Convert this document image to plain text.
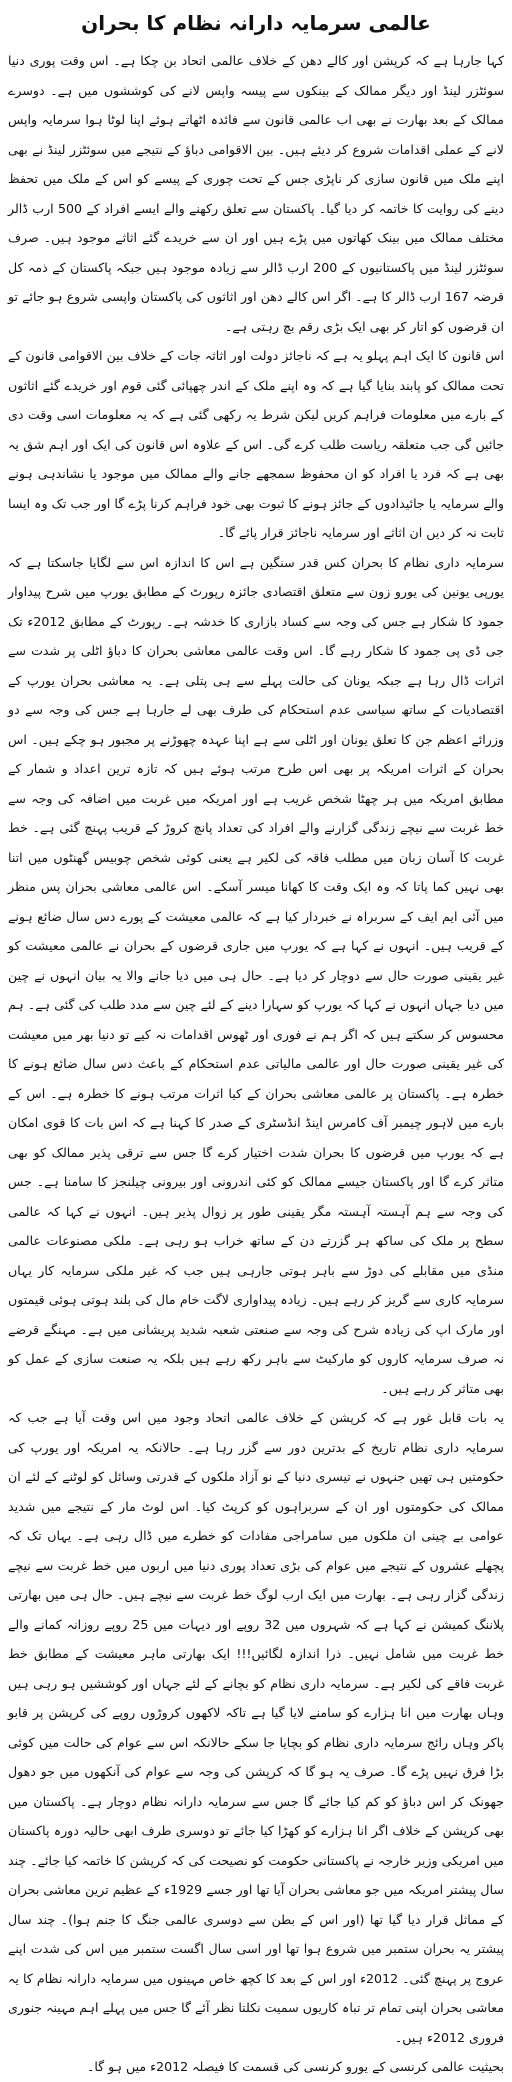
عالمی سرمایہ دارانہ نظام کا بحران

کہا جارہا ہے کہ کرپشن اور کالے دھن کے خلاف عالمی اتحاد بن چکا ہے۔ اس وقت پوری دنیا سوئٹزر لینڈ اور دیگر ممالک کے بینکوں سے پیسہ واپس لانے کی کوششوں میں ہے۔ دوسرے ممالک کے بعد بھارت نے بھی اب عالمی قانون سے فائدہ اٹھاتے ہوئے اپنا لوٹا ہوا سرمایہ واپس لانے کے عملی اقدامات شروع کر دیئے ہیں۔ بین الاقوامی دباؤ کے نتیجے میں سوئٹزر لینڈ نے بھی اپنے ملک میں قانون سازی کر ناپڑی جس کے تحت چوری کے پیسے کو اس کے ملک میں تحفظ دینے کی روایت کا خاتمہ کر دیا گیا۔ پاکستان سے تعلق رکھنے والے ایسے افراد کے 500 ارب ڈالر مختلف ممالک میں بینک کھاتوں میں پڑے ہیں اور ان سے خریدے گئے اثاثے موجود ہیں۔ صرف سوئٹزر لینڈ میں پاکستانیوں کے 200 ارب ڈالر سے زیادہ موجود ہیں جبکہ پاکستان کے ذمہ کل قرضہ 167 ارب ڈالر کا ہے۔ اگر اس کالے دھن اور اثاثوں کی پاکستان واپسی شروع ہو جائے تو ان قرضوں کو اتار کر بھی ایک بڑی رقم بچ رہتی ہے۔

اس قانون کا ایک اہم پہلو یہ ہے کہ ناجائز دولت اور اثاثہ جات کے خلاف بین الاقوامی قانون کے تحت ممالک کو پابند بنایا گیا ہے کہ وہ اپنے ملک کے اندر چھپائی گئی قوم اور خریدے گئے اثاثوں کے بارے میں معلومات فراہم کریں لیکن شرط یہ رکھی گئی ہے کہ یہ معلومات اسی وقت دی جائیں گی جب متعلقہ ریاست طلب کرے گی۔ اس کے علاوہ اس قانون کی ایک اور اہم شق یہ بھی ہے کہ فرد یا افراد کو ان محفوظ سمجھے جانے والے ممالک میں موجود یا نشاندہی ہونے والے سرمایہ یا جائیدادوں کے جائز ہونے کا ثبوت بھی خود فراہم کرنا پڑے گا اور جب تک وہ ایسا ثابت نہ کر دیں ان اثاثے اور سرمایہ ناجائز قرار پائے گا۔

سرمایہ داری نظام کا بحران کس قدر سنگین ہے اس کا اندازہ اس سے لگایا جاسکتا ہے کہ یورپی یونین کی یورو زون سے متعلق اقتصادی جائزہ رپورٹ کے مطابق یورپ میں شرح پیداوار جمود کا شکار ہے جس کی وجہ سے کساد بازاری کا خدشہ ہے۔ رپورٹ کے مطابق 2012ء تک جی ڈی پی جمود کا شکار رہے گا۔ اس وقت عالمی معاشی بحران کا دباؤ اٹلی پر شدت سے اثرات ڈال رہا ہے جبکہ یونان کی حالت پہلے سے ہی پتلی ہے۔ یہ معاشی بحران یورپ کے اقتصادیات کے ساتھ سیاسی عدم استحکام کی طرف بھی لے جارہا ہے جس کی وجہ سے دو وزرائے اعظم جن کا تعلق یونان اور اٹلی سے ہے اپنا عہدہ چھوڑنے پر مجبور ہو چکے ہیں۔ اس بحران کے اثرات امریکہ پر بھی اس طرح مرتب ہوئے ہیں کہ تازہ ترین اعداد و شمار کے مطابق امریکہ میں ہر چھٹا شخص غریب ہے اور امریکہ میں غربت میں اضافہ کی وجہ سے خط غربت سے نیچے زندگی گزارنے والے افراد کی تعداد پانچ کروڑ کے قریب پہنچ گئی ہے۔ خط غربت کا آسان زبان میں مطلب فاقہ کی لکیر ہے یعنی کوئی شخص چوبیس گھنٹوں میں اتنا بھی نہیں کما پاتا کہ وہ ایک وقت کا کھانا میسر آسکے۔ اس عالمی معاشی بحران پس منظر میں آئی ایم ایف کے سربراہ نے خبردار کیا ہے کہ عالمی معیشت کے پورے دس سال ضائع ہونے کے قریب ہیں۔ انہوں نے کہا ہے کہ یورپ میں جاری قرضوں کے بحران نے عالمی معیشت کو غیر یقینی صورت حال سے دوچار کر دیا ہے۔ حال ہی میں دیا جانے والا یہ بیان انہوں نے چین میں دیا جہاں انہوں نے کہا کہ یورپ کو سہارا دینے کے لئے چین سے مدد طلب کی گئی ہے۔ ہم محسوس کر سکتے ہیں کہ اگر ہم نے فوری اور ٹھوس اقدامات نہ کیے تو دنیا بھر میں معیشت کی غیر یقینی صورت حال اور عالمی مالیاتی عدم استحکام کے باعث دس سال ضائع ہونے کا خطرہ ہے۔ پاکستان پر عالمی معاشی بحران کے کیا اثرات مرتب ہونے کا خطرہ ہے۔ اس کے بارے میں لاہور چیمبر آف کامرس اینڈ انڈسٹری کے صدر کا کہنا ہے کہ اس بات کا قوی امکان ہے کہ یورپ میں قرضوں کا بحران شدت اختیار کرے گا جس سے ترقی پذیر ممالک کو بھی متاثر کرے گا اور پاکستان جیسے ممالک کو کئی اندرونی اور بیرونی چیلنجز کا سامنا ہے۔ جس کی وجہ سے ہم آہستہ آہستہ مگر یقینی طور پر زوال پذیر ہیں۔ انہوں نے کہا کہ عالمی سطح پر ملک کی ساکھ ہر گزرتے دن کے ساتھ خراب ہو رہی ہے۔ ملکی مصنوعات عالمی منڈی میں مقابلے کی دوڑ سے باہر ہوتی جارہی ہیں جب کہ غیر ملکی سرمایہ کار یہاں سرمایہ کاری سے گریز کر رہے ہیں۔ زیادہ پیداواری لاگت خام مال کی بلند ہوتی ہوئی قیمتوں اور مارک اپ کی زیادہ شرح کی وجہ سے صنعتی شعبہ شدید پریشانی میں ہے۔ مہنگے قرضے نہ صرف سرمایہ کاروں کو مارکیٹ سے باہر رکھ رہے ہیں بلکہ یہ صنعت سازی کے عمل کو بھی متاثر کر رہے ہیں۔

یہ بات قابل غور ہے کہ کرپشن کے خلاف عالمی اتحاد وجود میں اس وقت آیا ہے جب کہ سرمایہ داری نظام تاریخ کے بدترین دور سے گزر رہا ہے۔ حالانکہ یہ امریکہ اور یورپ کی حکومتیں ہی تھیں جنہوں نے تیسری دنیا کے نو آزاد ملکوں کے قدرتی وسائل کو لوٹنے کے لئے ان ممالک کی حکومتوں اور ان کے سربراہوں کو کرپٹ کیا۔ اس لوٹ مار کے نتیجے میں شدید عوامی بے چینی ان ملکوں میں سامراجی مفادات کو خطرے میں ڈال رہی ہے۔ یہاں تک کہ پچھلے عشروں کے نتیجے میں عوام کی بڑی تعداد پوری دنیا میں اربوں میں خط غربت سے نیچے زندگی گزار رہی ہے۔ بھارت میں ایک ارب لوگ خط غربت سے نیچے ہیں۔ حال ہی میں بھارتی پلاننگ کمیشن نے کہا ہے کہ شہروں میں 32 روپے اور دیہات میں 25 روپے روزانہ کمانے والے خط غربت میں شامل نہیں۔ ذرا اندازہ لگائیں!!! ایک بھارتی ماہر معیشت کے مطابق خط غربت فاقے کی لکیر ہے۔ سرمایہ داری نظام کو بچانے کے لئے جہاں اور کوششیں ہو رہی ہیں وہاں بھارت میں انا ہزارے کو سامنے لایا گیا ہے تاکہ لاکھوں کروڑوں روپے کی کرپشن پر قابو پاکر وہاں رائج سرمایہ داری نظام کو بچایا جا سکے حالانکہ اس سے عوام کی حالت میں کوئی بڑا فرق نہیں پڑے گا۔ صرف یہ ہو گا کہ کرپشن کی وجہ سے عوام کی آنکھوں میں جو دھول جھونک کر اس دباؤ کو کم کیا جائے گا جس سے سرمایہ دارانہ نظام دوچار ہے۔ پاکستان میں بھی کرپشن کے خلاف اگر انا ہزارے کو کھڑا کیا جائے تو دوسری طرف ابھی حالیہ دورہ پاکستان میں امریکی وزیر خارجہ نے پاکستانی حکومت کو نصیحت کی کہ کرپشن کا خاتمہ کیا جائے۔ چند سال پیشتر امریکہ میں جو معاشی بحران آیا تھا اور جسے 1929ء کے عظیم ترین معاشی بحران کے مماثل قرار دیا گیا تھا (اور اس کے بطن سے دوسری عالمی جنگ کا جنم ہوا)۔ چند سال پیشتر یہ بحران ستمبر میں شروع ہوا تھا اور اسی سال اگست ستمبر میں اس کی شدت اپنے عروج پر پہنچ گئی۔ 2012ء اور اس کے بعد کا کچھ خاص مہینوں میں سرمایہ دارانہ نظام کا یہ معاشی بحران اپنی تمام تر تباہ کاریوں سمیت نکلتا نظر آئے گا جس میں پہلے اہم مہینہ جنوری فروری 2012ء ہیں۔

بحیثیت عالمی کرنسی کے یورو کرنسی کی قسمت کا فیصلہ 2012ء میں ہو گا۔
